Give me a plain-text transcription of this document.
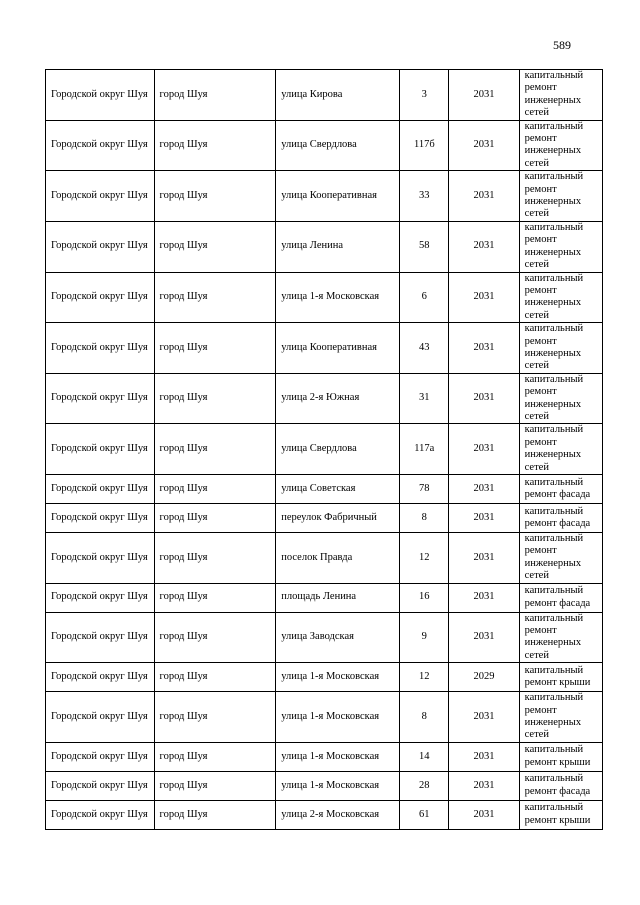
589
Городской округ Шуя	город Шуя	улица Кирова	3	2031	капитальный ремонт инженерных сетей
Городской округ Шуя	город Шуя	улица Свердлова	117б	2031	капитальный ремонт инженерных сетей
Городской округ Шуя	город Шуя	улица Кооперативная	33	2031	капитальный ремонт инженерных сетей
Городской округ Шуя	город Шуя	улица Ленина	58	2031	капитальный ремонт инженерных сетей
Городской округ Шуя	город Шуя	улица 1-я Московская	6	2031	капитальный ремонт инженерных сетей
Городской округ Шуя	город Шуя	улица Кооперативная	43	2031	капитальный ремонт инженерных сетей
Городской округ Шуя	город Шуя	улица 2-я Южная	31	2031	капитальный ремонт инженерных сетей
Городской округ Шуя	город Шуя	улица Свердлова	117а	2031	капитальный ремонт инженерных сетей
Городской округ Шуя	город Шуя	улица Советская	78	2031	капитальный ремонт фасада
Городской округ Шуя	город Шуя	переулок Фабричный	8	2031	капитальный ремонт фасада
Городской округ Шуя	город Шуя	поселок Правда	12	2031	капитальный ремонт инженерных сетей
Городской округ Шуя	город Шуя	площадь Ленина	16	2031	капитальный ремонт фасада
Городской округ Шуя	город Шуя	улица Заводская	9	2031	капитальный ремонт инженерных сетей
Городской округ Шуя	город Шуя	улица 1-я Московская	12	2029	капитальный ремонт крыши
Городской округ Шуя	город Шуя	улица 1-я Московская	8	2031	капитальный ремонт инженерных сетей
Городской округ Шуя	город Шуя	улица 1-я Московская	14	2031	капитальный ремонт крыши
Городской округ Шуя	город Шуя	улица 1-я Московская	28	2031	капитальный ремонт фасада
Городской округ Шуя	город Шуя	улица 2-я Московская	61	2031	капитальный ремонт крыши
